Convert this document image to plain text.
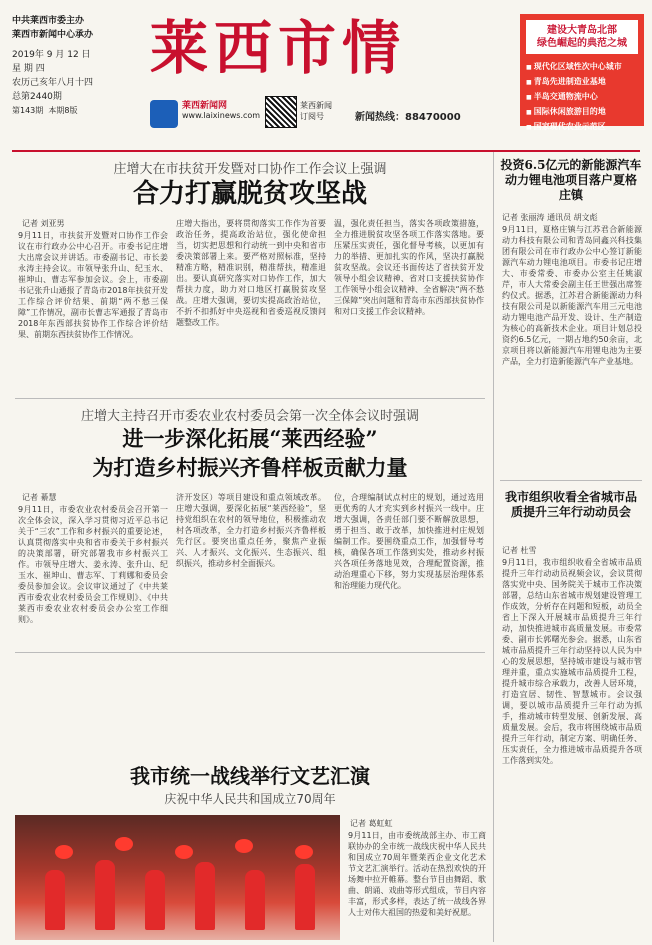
中共莱西市委主办
莱西市新闻中心承办
2019年 9 月 12 日
星 期 四
农历己亥年八月十四
总第2440期
第143期 本期8版
莱西市情
莱西新闻网
www.laixinews.com
莱西新闻
订阅号	新闻热线：88470000
建设大青岛北部
绿色崛起的典范之城
■ 现代化区域性次中心城市
■ 青岛先进制造业基地
■ 半岛交通物流中心
■ 国际休闲旅游目的地
■ 国家现代农业示范区
庄增大在市扶贫开发暨对口协作工作会议上强调
合力打赢脱贫攻坚战
记者 刘亚男
9月11日，市扶贫开发暨对口协作工作会议在市行政办公中心召开。市委书记庄增大出席会议并讲话。市委副书记、市长姜永涛主持会议。市领导张升山、纪玉水、崔坤山、曹志军参加会议。会上，市委副书记张升山通报了青岛市2018年扶贫开发工作综合评价结果、前期“两不愁三保障”工作情况，副市长曹志军通报了青岛市2018年东西部扶贫协作工作综合评价结果、前期东西扶贫协作工作情况。
庄增大指出，要将贯彻落实工作作为首要政治任务，提高政治站位，强化使命担当，切实把思想和行动统一到中央和省市委决策部署上来。要严格对照标准，坚持精准方略，精准识别，精准帮扶，精准退出。要认真研究落实对口协作工作，加大帮扶力度，助力对口地区打赢脱贫攻坚战。庄增大强调，要切实提高政治站位，不折不扣抓好中央巡视和省委巡视反馈问题整改工作。
温，强化责任担当，落实各项政策措施，全力推进脱贫攻坚各项工作落实落地。要压紧压实责任，强化督导考核，以更加有力的举措、更加扎实的作风，坚决打赢脱贫攻坚战。会议还书面传达了省扶贫开发领导小组会议精神、省对口支援扶贫协作工作领导小组会议精神、全省解决“两不愁三保障”突出问题和青岛市东西部扶贫协作和对口支援工作会议精神。
庄增大主持召开市委农业农村委员会第一次全体会议时强调
进一步深化拓展“莱西经验”
为打造乡村振兴齐鲁样板贡献力量
记者 綦慧
9月11日，市委农业农村委员会召开第一次全体会议，深入学习贯彻习近平总书记关于“三农”工作和乡村振兴的重要论述，认真贯彻落实中央和省市委关于乡村振兴的决策部署，研究部署我市乡村振兴工作。市领导庄增大、姜永涛、张升山、纪玉水、崔坤山、曹志军、丁莉娜和委员会委员参加会议。会议审议通过了《中共莱西市委农业农村委员会工作规则》、《中共莱西市委农业农村委员会办公室工作细则》。
济开发区）等项目建设和重点领域改革。庄增大强调，要深化拓展“莱西经验”，坚持党组织在农村的领导地位，积极推动农村各项改革，全力打造乡村振兴齐鲁样板先行区。要突出重点任务，聚焦产业振兴、人才振兴、文化振兴、生态振兴、组织振兴，推动乡村全面振兴。
位，合理编制试点村庄的规划，通过选用更优秀的人才充实到乡村振兴一线中。庄增大强调，各责任部门要不断解放思想，勇于担当、敢于改革，加快推进村庄规划编制工作。要围绕重点工作，加强督导考核，确保各项工作落到实处，推动乡村振兴各项任务落地见效，合理配置资源，推动治理重心下移，努力实现基层治理体系和治理能力现代化。
我市统一战线举行文艺汇演
庆祝中华人民共和国成立70周年
记者 葛虹虹
9月11日，由市委统战部主办、市工商联协办的全市统一战线庆祝中华人民共和国成立70周年暨莱西企业文化艺术节文艺汇演举行。活动在热烈欢快的开场舞中拉开帷幕。整台节目由舞蹈、歌曲、朗诵、戏曲等形式组成，节目内容丰富，形式多样，表达了统一战线各界人士对伟大祖国的热爱和美好祝愿。
投资6.5亿元的新能源汽车动力锂电池项目落户夏格庄镇
记者 张丽涛 通讯员 胡文彪
9月11日，夏格庄镇与江苏君合新能源动力科技有限公司和青岛同鑫兴科技集团有限公司在市行政办公中心签订新能源汽车动力锂电池项目。市委书记庄增大、市委常委、市委办公室主任姚淑芹，市人大常委会副主任王世强出席签约仪式。据悉，江苏君合新能源动力科技有限公司是以新能源汽车用三元电池动力锂电池产品开发、设计、生产制造为核心的高新技术企业。项目计划总投资约6.5亿元，一期占地约50余亩，北京项目将以新能源汽车用锂电池为主要产品，全力打造新能源汽车产业基地。
我市组织收看全省城市品质提升三年行动动员会
记者 杜雪
9月11日，我市组织收看全省城市品质提升三年行动动员视频会议，会议贯彻落实党中央、国务院关于城市工作决策部署，总结山东省城市规划建设管理工作成效，分析存在问题和短板，动员全省上下深入开展城市品质提升三年行动，加快推进城市高质量发展。市委常委、副市长郭曙光参会。据悉，山东省城市品质提升三年行动坚持以人民为中心的发展思想，坚持城市建设与城市管理并重，重点实施城市品质提升工程，提升城市综合承载力，改善人居环境，打造宜居、韧性、智慧城市。会议强调，要以城市品质提升三年行动为抓手，推动城市转型发展、创新发展、高质量发展。会后，我市将围绕城市品质提升三年行动，制定方案、明确任务、压实责任，全力推进城市品质提升各项工作落到实处。
